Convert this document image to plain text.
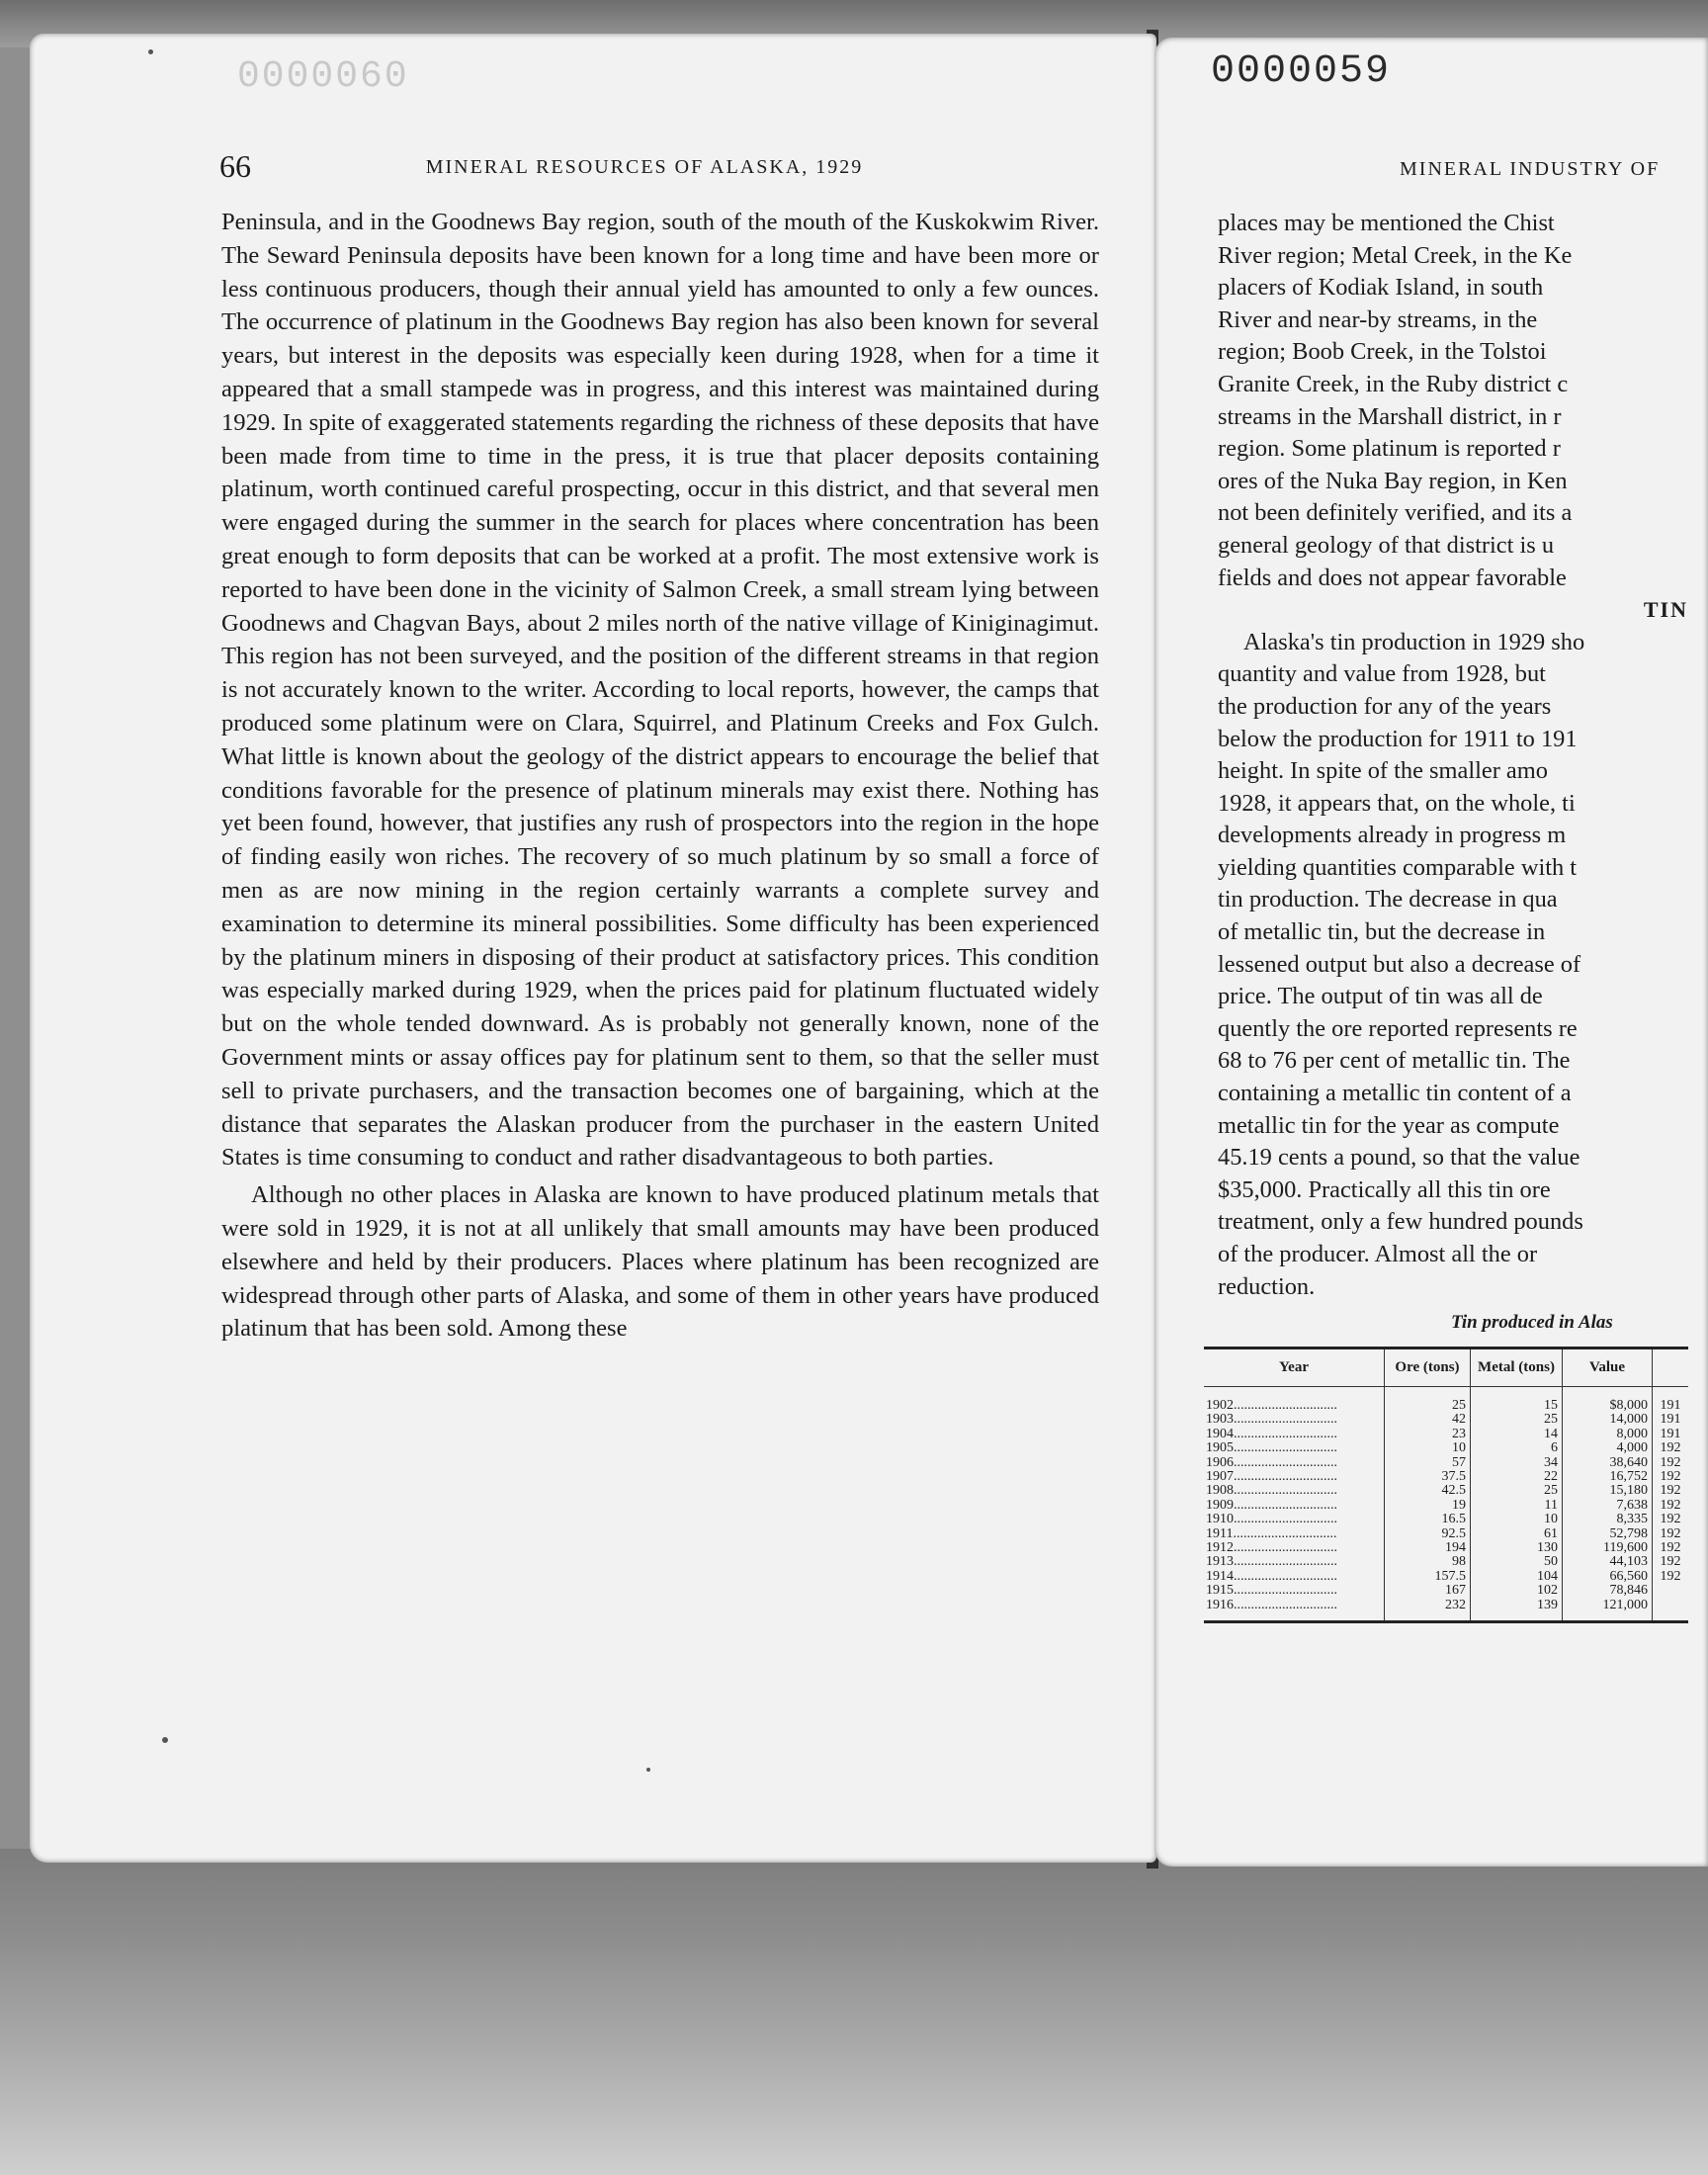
0000060	0000059
66	MINERAL RESOURCES OF ALASKA, 1929

Peninsula, and in the Goodnews Bay region, south of the mouth of the Kuskokwim River. The Seward Peninsula deposits have been known for a long time and have been more or less continuous producers, though their annual yield has amounted to only a few ounces. The occurrence of platinum in the Goodnews Bay region has also been known for several years, but interest in the deposits was especially keen during 1928, when for a time it appeared that a small stampede was in progress, and this interest was maintained during 1929. In spite of exaggerated statements regarding the richness of these deposits that have been made from time to time in the press, it is true that placer deposits containing platinum, worth continued careful prospecting, occur in this district, and that several men were engaged during the summer in the search for places where concentration has been great enough to form deposits that can be worked at a profit. The most extensive work is reported to have been done in the vicinity of Salmon Creek, a small stream lying between Goodnews and Chagvan Bays, about 2 miles north of the native village of Kiniginagimut. This region has not been surveyed, and the position of the different streams in that region is not accurately known to the writer. According to local reports, however, the camps that produced some platinum were on Clara, Squirrel, and Platinum Creeks and Fox Gulch. What little is known about the geology of the district appears to encourage the belief that conditions favorable for the presence of platinum minerals may exist there. Nothing has yet been found, however, that justifies any rush of prospectors into the region in the hope of finding easily won riches. The recovery of so much platinum by so small a force of men as are now mining in the region certainly warrants a complete survey and examination to determine its mineral possibilities. Some difficulty has been experienced by the platinum miners in disposing of their product at satisfactory prices. This condition was especially marked during 1929, when the prices paid for platinum fluctuated widely but on the whole tended downward. As is probably not generally known, none of the Government mints or assay offices pay for platinum sent to them, so that the seller must sell to private purchasers, and the transaction becomes one of bargaining, which at the distance that separates the Alaskan producer from the purchaser in the eastern United States is time consuming to conduct and rather disadvantageous to both parties.

Although no other places in Alaska are known to have produced platinum metals that were sold in 1929, it is not at all unlikely that small amounts may have been produced elsewhere and held by their producers. Places where platinum has been recognized are widespread through other parts of Alaska, and some of them in other years have produced platinum that has been sold. Among these

MINERAL INDUSTRY OF
places may be mentioned the Chist
River region; Metal Creek, in the Ke
placers of Kodiak Island, in south
River and near-by streams, in the
region; Boob Creek, in the Tolstoi
Granite Creek, in the Ruby district c
streams in the Marshall district, in r
region. Some platinum is reported r
ores of the Nuka Bay region, in Ken
not been definitely verified, and its a
general geology of that district is u
fields and does not appear favorable
TIN
Alaska's tin production in 1929 sho
quantity and value from 1928, but
the production for any of the years
below the production for 1911 to 191
height. In spite of the smaller amo
1928, it appears that, on the whole, ti
developments already in progress m
yielding quantities comparable with t
tin production. The decrease in qua
of metallic tin, but the decrease in
lessened output but also a decrease of
price. The output of tin was all de
quently the ore reported represents re
68 to 76 per cent of metallic tin. The
containing a metallic tin content of a
metallic tin for the year as compute
45.19 cents a pound, so that the value
$35,000. Practically all this tin ore
treatment, only a few hundred pounds
of the producer. Almost all the or
reduction.
Tin produced in Alas
Year	Ore (tons)	Metal (tons)	Value	
1902..............................	25	15	$8,000	191
1903..............................	42	25	14,000	191
1904..............................	23	14	8,000	191
1905..............................	10	6	4,000	192
1906..............................	57	34	38,640	192
1907..............................	37.5	22	16,752	192
1908..............................	42.5	25	15,180	192
1909..............................	19	11	7,638	192
1910..............................	16.5	10	8,335	192
1911..............................	92.5	61	52,798	192
1912..............................	194	130	119,600	192
1913..............................	98	50	44,103	192
1914..............................	157.5	104	66,560	192
1915..............................	167	102	78,846	
1916..............................	232	139	121,000	
